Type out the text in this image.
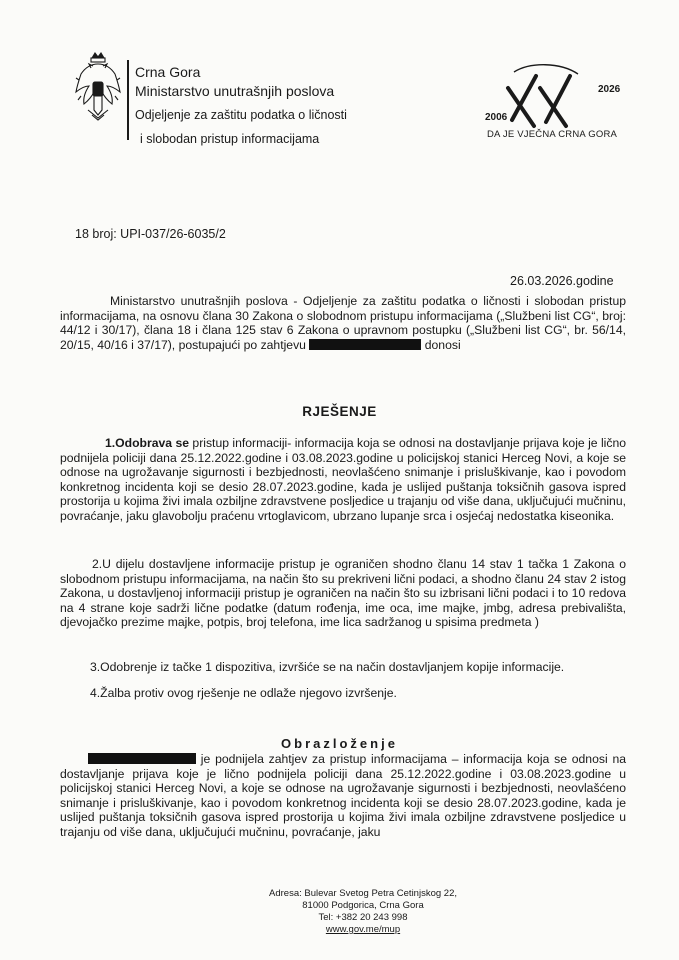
Crna Gora
Ministarstvo unutrašnjih poslova
Odjeljenje za zaštitu podatka o ličnosti
i slobodan pristup informacijama
2026
2006
DA JE VJEČNA CRNA GORA
18 broj: UPI-037/26-6035/2
26.03.2026.godine

Ministarstvo unutrašnjih poslova - Odjeljenje za zaštitu podatka o ličnosti i slobodan pristup informacijama, na osnovu člana 30 Zakona o slobodnom pristupu informacijama („Službeni list CG“, broj: 44/12 i 30/17), člana 18 i člana 125 stav 6 Zakona o upravnom postupku („Službeni list CG“, br. 56/14, 20/15, 40/16 i 37/17), postupajući po zahtjevu	donosi

RJEŠENJE

1.Odobrava se pristup informaciji- informacija koja se odnosi na dostavljanje prijava koje je lično podnijela policiji dana 25.12.2022.godine i 03.08.2023.godine u policijskoj stanici Herceg Novi, a koje se odnose na ugrožavanje sigurnosti i bezbjednosti, neovlašćeno snimanje i prisluškivanje, kao i povodom konkretnog incidenta koji se desio 28.07.2023.godine, kada je uslijed puštanja toksičnih gasova ispred prostorija u kojima živi imala ozbiljne zdravstvene posljedice u trajanju od više dana, uključujući mučninu, povraćanje, jaku glavobolju praćenu vrtoglavicom, ubrzano lupanje srca i osjećaj nedostatka kiseonika.

2.U dijelu dostavljene informacije pristup je ograničen shodno članu 14 stav 1 tačka 1 Zakona o slobodnom pristupu informacijama, na način što su prekriveni lični podaci, a shodno članu 24 stav 2 istog Zakona, u dostavljenoj informaciji pristup je ograničen na način što su izbrisani lični podaci i to 10 redova na 4 strane koje sadrži lične podatke (datum rođenja, ime oca, ime majke, jmbg, adresa prebivališta, djevojačko prezime majke, potpis, broj telefona, ime lica sadržanog u spisima predmeta )

3.Odobrenje iz tačke 1 dispozitiva, izvršiće se na način dostavljanjem kopije informacije.
4.Žalba protiv ovog rješenje ne odlaže njegovo izvršenje.
Obrazloženje

je podnijela zahtjev za pristup informacijama – informacija koja se odnosi na dostavljanje prijava koje je lično podnijela policiji dana 25.12.2022.godine i 03.08.2023.godine u policijskoj stanici Herceg Novi, a koje se odnose na ugrožavanje sigurnosti i bezbjednosti, neovlašćeno snimanje i prisluškivanje, kao i povodom konkretnog incidenta koji se desio 28.07.2023.godine, kada je uslijed puštanja toksičnih gasova ispred prostorija u kojima živi imala ozbiljne zdravstvene posljedice u trajanju od više dana, uključujući mučninu, povraćanje, jaku

Adresa: Bulevar Svetog Petra Cetinjskog 22,
81000 Podgorica, Crna Gora
Tel: +382 20 243 998
www.gov.me/mup
